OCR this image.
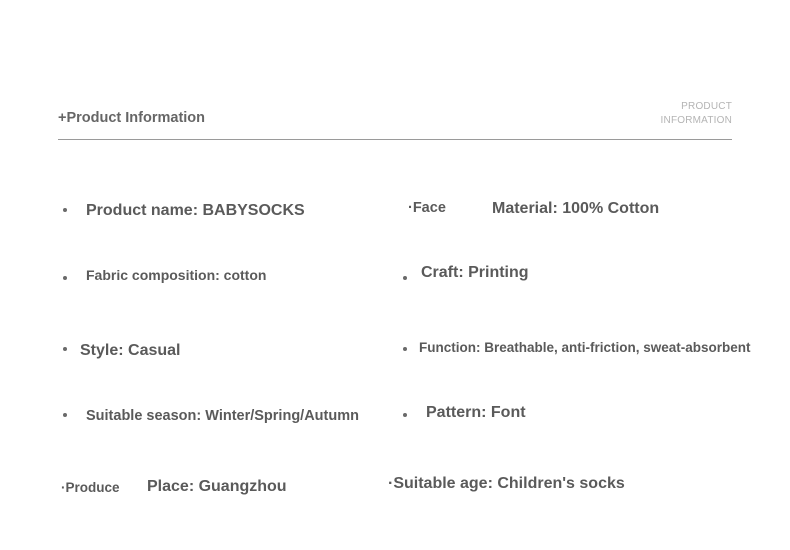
+Product Information
PRODUCT
INFORMATION
Product name: BABYSOCKS	·Face	Material: 100% Cotton
Fabric composition: cotton	Craft: Printing
Style: Casual	Function: Breathable, anti-friction, sweat-absorbent
Suitable season: Winter/Spring/Autumn	Pattern: Font
·Produce Place: Guangzhou	·Suitable age: Children's socks
